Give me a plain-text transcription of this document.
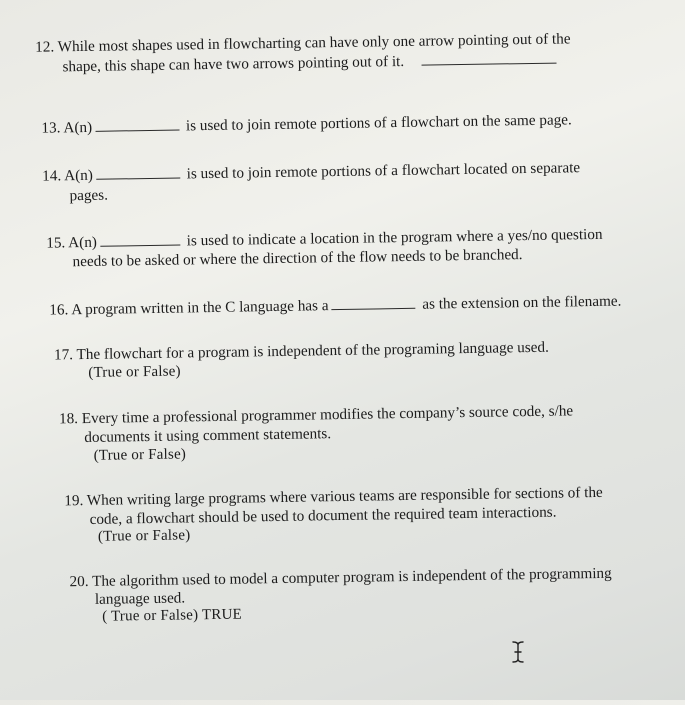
12. While most shapes used in flowcharting can have only one arrow pointing out of the
shape, this shape can have two arrows pointing out of it.
13. A(n)	is used to join remote portions of a flowchart on the same page.
14. A(n)	is used to join remote portions of a flowchart located on separate
pages.
15. A(n)	is used to indicate a location in the program where a yes/no question
needs to be asked or where the direction of the flow needs to be branched.
16. A program written in the C language has a	as the extension on the filename.
17. The flowchart for a program is independent of the programing language used.
(True or False)
18. Every time a professional programmer modifies the company’s source code, s/he
documents it using comment statements.
(True or False)
19. When writing large programs where various teams are responsible for sections of the
code, a flowchart should be used to document the required team interactions.
(True or False)
20. The algorithm used to model a computer program is independent of the programming
language used.
( True or False) TRUE
